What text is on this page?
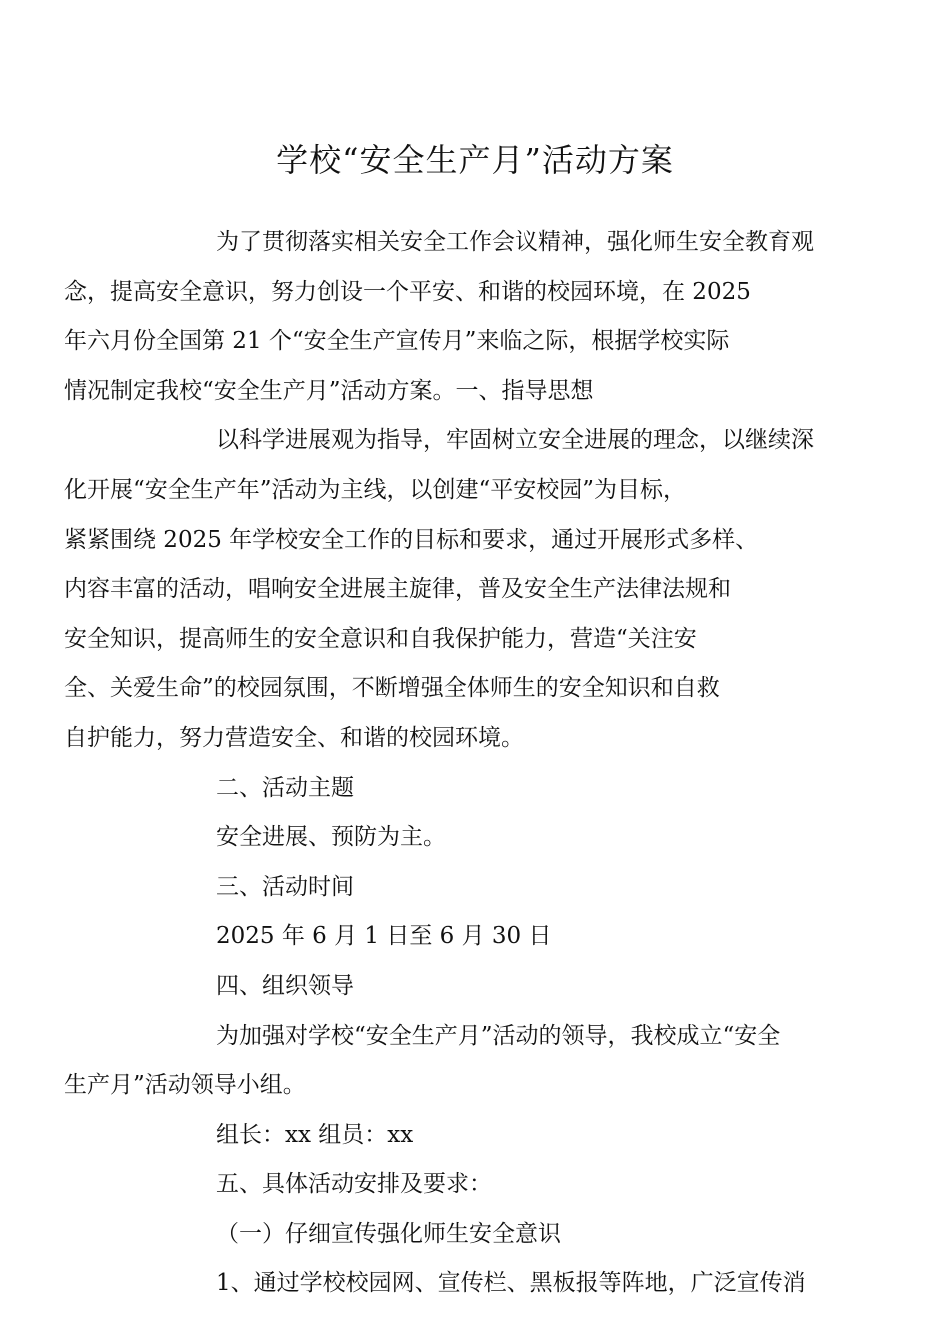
学校“安全生产月”活动方案

为了贯彻落实相关安全工作会议精神，强化师生安全教育观
念，提高安全意识，努力创设一个平安、和谐的校园环境，在 2025
年六月份全国第 21 个“安全生产宣传月”来临之际，根据学校实际
情况制定我校“安全生产月”活动方案。一、指导思想

以科学进展观为指导，牢固树立安全进展的理念，以继续深
化开展“安全生产年”活动为主线，以创建“平安校园”为目标，
紧紧围绕 2025 年学校安全工作的目标和要求，通过开展形式多样、
内容丰富的活动，唱响安全进展主旋律，普及安全生产法律法规和
安全知识，提高师生的安全意识和自我保护能力，营造“关注安
全、关爱生命”的校园氛围，不断增强全体师生的安全知识和自救
自护能力，努力营造安全、和谐的校园环境。

二、活动主题

安全进展、预防为主。

三、活动时间

2025 年 6 月 1 日至 6 月 30 日

四、组织领导

为加强对学校“安全生产月”活动的领导，我校成立“安全
生产月”活动领导小组。

组长：xx 组员：xx

五、具体活动安排及要求：

（一）仔细宣传强化师生安全意识

1、通过学校校园网、宣传栏、黑板报等阵地，广泛宣传消
